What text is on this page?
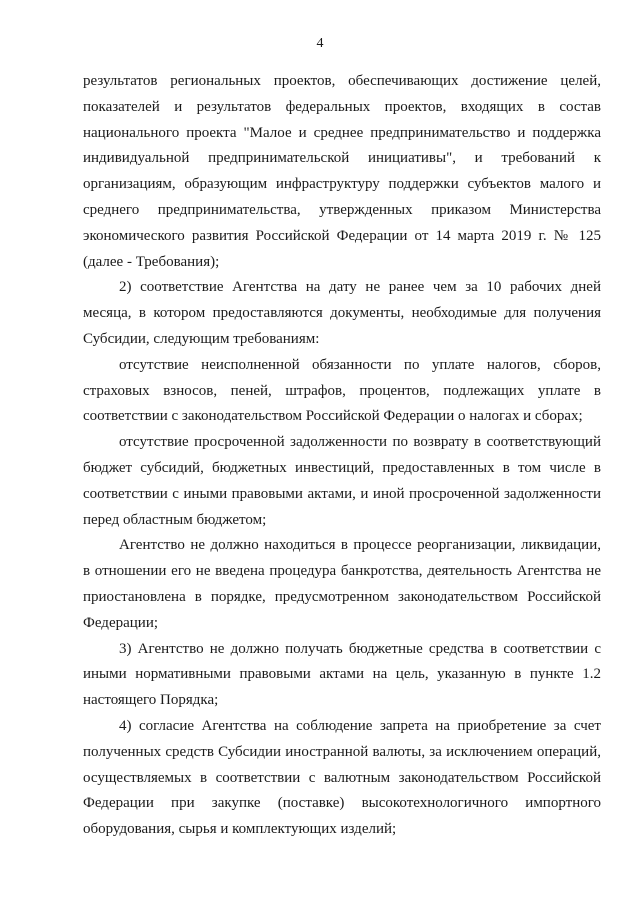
4

результатов региональных проектов, обеспечивающих достижение целей,
показателей и результатов федеральных проектов, входящих в состав
национального проекта "Малое и среднее предпринимательство и поддержка
индивидуальной предпринимательской инициативы", и требований к
организациям, образующим инфраструктуру поддержки субъектов малого и
среднего предпринимательства, утвержденных приказом Министерства
экономического развития Российской Федерации от 14 марта 2019 г. № 125
(далее - Требования);

2) соответствие Агентства на дату не ранее чем за 10 рабочих дней
месяца, в котором предоставляются документы, необходимые для получения
Субсидии, следующим требованиям:

отсутствие неисполненной обязанности по уплате налогов, сборов,
страховых взносов, пеней, штрафов, процентов, подлежащих уплате в
соответствии с законодательством Российской Федерации о налогах и сборах;

отсутствие просроченной задолженности по возврату в соответствующий
бюджет субсидий, бюджетных инвестиций, предоставленных в том числе в
соответствии с иными правовыми актами, и иной просроченной задолженности
перед областным бюджетом;

Агентство не должно находиться в процессе реорганизации, ликвидации,
в отношении его не введена процедура банкротства, деятельность Агентства не
приостановлена в порядке, предусмотренном законодательством Российской
Федерации;

3) Агентство не должно получать бюджетные средства в соответствии с
иными нормативными правовыми актами на цель, указанную в пункте 1.2
настоящего Порядка;

4) согласие Агентства на соблюдение запрета на приобретение за счет
полученных средств Субсидии иностранной валюты, за исключением операций,
осуществляемых в соответствии с валютным законодательством Российской
Федерации при закупке (поставке) высокотехнологичного импортного
оборудования, сырья и комплектующих изделий;
